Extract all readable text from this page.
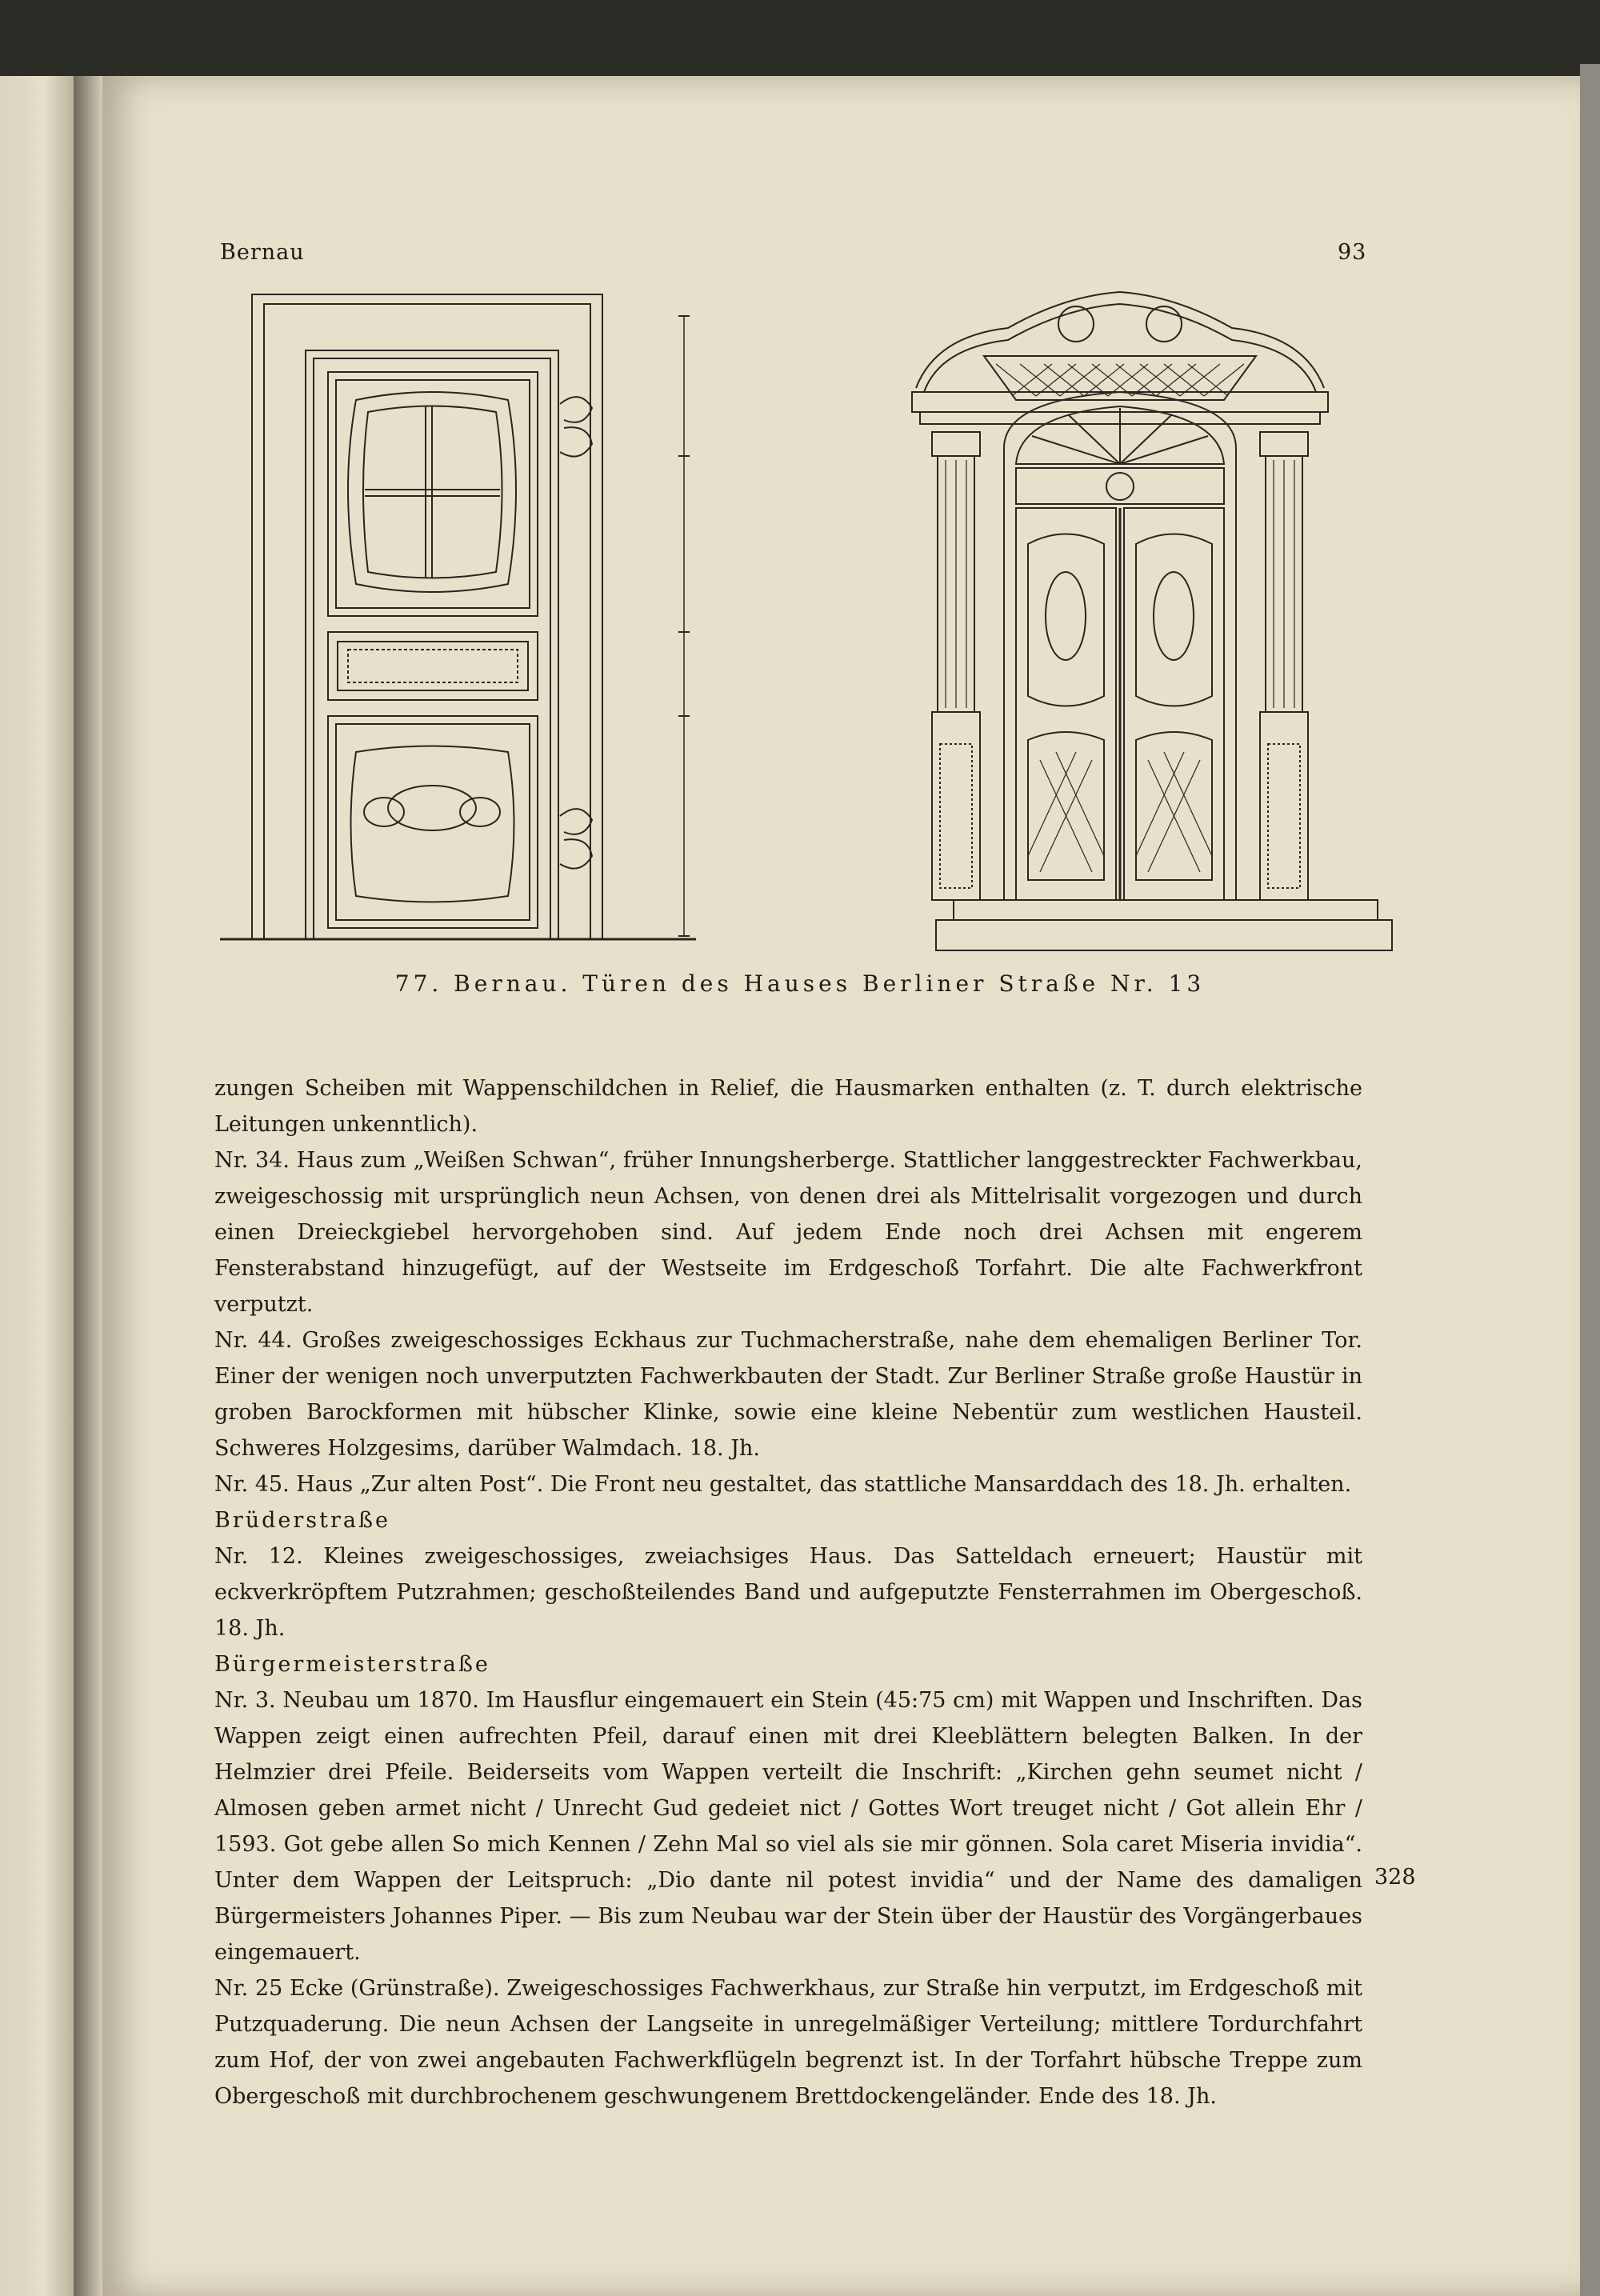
Bernau	93
77. Bernau. Türen des Hauses Berliner Straße Nr. 13

zungen Scheiben mit Wappenschildchen in Relief, die Hausmarken enthalten (z. T. durch elektrische Leitungen unkenntlich).

Nr. 34. Haus zum „Weißen Schwan“, früher Innungsherberge. Stattlicher langgestreckter Fachwerkbau, zweigeschossig mit ursprünglich neun Achsen, von denen drei als Mittelrisalit vorgezogen und durch einen Dreieckgiebel hervorgehoben sind. Auf jedem Ende noch drei Achsen mit engerem Fensterabstand hinzugefügt, auf der Westseite im Erdgeschoß Torfahrt. Die alte Fachwerkfront verputzt.

Nr. 44. Großes zweigeschossiges Eckhaus zur Tuchmacherstraße, nahe dem ehemaligen Berliner Tor. Einer der wenigen noch unverputzten Fachwerkbauten der Stadt. Zur Berliner Straße große Haustür in groben Barockformen mit hübscher Klinke, sowie eine kleine Nebentür zum westlichen Hausteil. Schweres Holzgesims, darüber Walmdach. 18. Jh.

Nr. 45. Haus „Zur alten Post“. Die Front neu gestaltet, das stattliche Mansarddach des 18. Jh. erhalten.

Brüderstraße

Nr. 12. Kleines zweigeschossiges, zweiachsiges Haus. Das Satteldach erneuert; Haustür mit eckverkröpftem Putzrahmen; geschoßteilendes Band und aufgeputzte Fensterrahmen im Obergeschoß. 18. Jh.

Bürgermeisterstraße

Nr. 3. Neubau um 1870. Im Hausflur eingemauert ein Stein (45:75 cm) mit Wappen und Inschriften. Das Wappen zeigt einen aufrechten Pfeil, darauf einen mit drei Kleeblättern belegten Balken. In der Helmzier drei Pfeile. Beiderseits vom Wappen verteilt die Inschrift: „Kirchen gehn seumet nicht / Almosen geben armet nicht / Unrecht Gud gedeiet nict / Gottes Wort treuget nicht / Got allein Ehr / 1593. Got gebe allen So mich Kennen / Zehn Mal so viel als sie mir gönnen. Sola caret Miseria invidia“. Unter dem Wappen der Leitspruch: „Dio dante nil potest invidia“ und der Name des damaligen Bürgermeisters Johannes Piper. — Bis zum Neubau war der Stein über der Haustür des Vorgängerbaues eingemauert.

Nr. 25 Ecke (Grünstraße). Zweigeschossiges Fachwerkhaus, zur Straße hin verputzt, im Erdgeschoß mit Putzquaderung. Die neun Achsen der Langseite in unregelmäßiger Verteilung; mittlere Tordurchfahrt zum Hof, der von zwei angebauten Fachwerkflügeln begrenzt ist. In der Torfahrt hübsche Treppe zum Obergeschoß mit durchbrochenem geschwungenem Brettdockengeländer. Ende des 18. Jh.

328
